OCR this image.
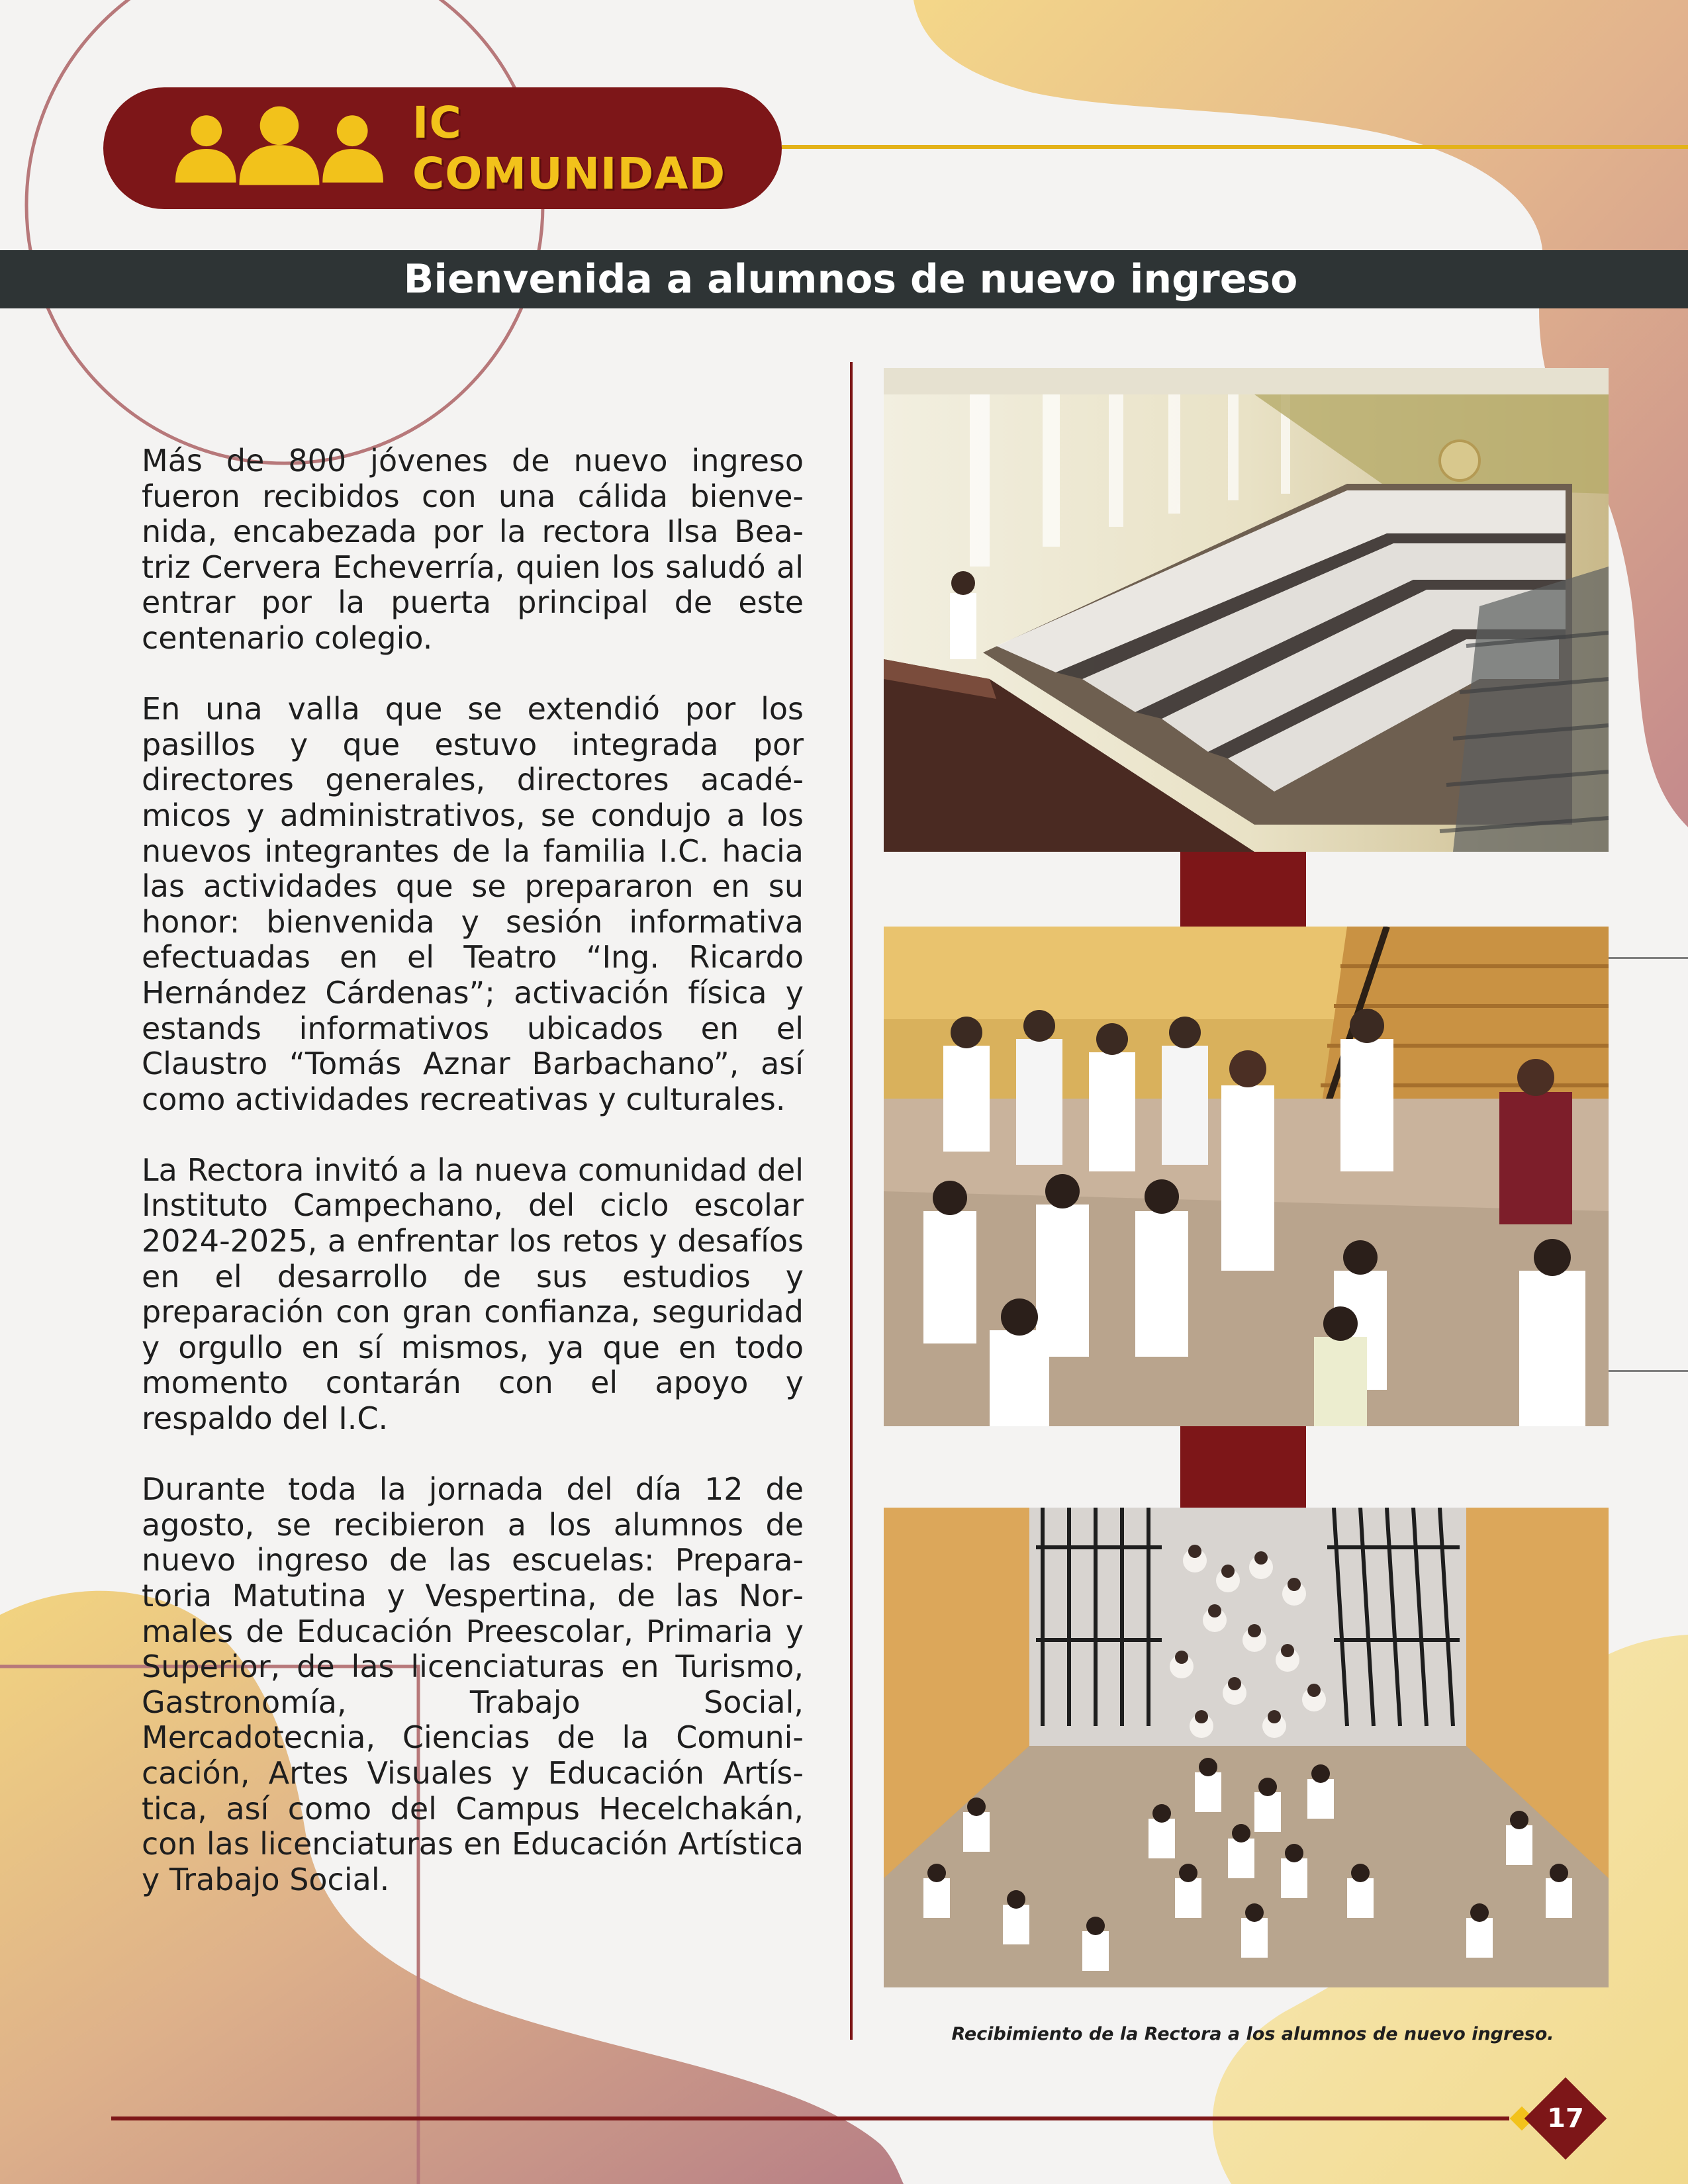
IC COMUNIDAD
Bienvenida a alumnos de nuevo ingreso

Más de 800 jóvenes de nuevo ingreso fueron recibidos con una cálida bienvenida, encabezada por la rectora Ilsa Beatriz Cervera Echeverría, quien los saludó al entrar por la puerta principal de este centenario colegio.

En una valla que se extendió por los pasillos y que estuvo integrada por directores generales, directores académicos y administrativos, se condujo a los nuevos integrantes de la familia I.C. hacia las actividades que se prepararon en su honor: bienvenida y sesión informativa efectuadas en el Teatro “Ing. Ricardo Hernández Cárdenas”; activación física y estands informativos ubicados en el Claustro “Tomás Aznar Barbachano”, así como actividades recreativas y culturales.

La Rectora invitó a la nueva comunidad del Instituto Campechano, del ciclo escolar 2024-2025, a enfrentar los retos y desafíos en el desarrollo de sus estudios y preparación con gran confianza, seguridad y orgullo en sí mismos, ya que en todo momento contarán con el apoyo y respaldo del I.C.

Durante toda la jornada del día 12 de agosto, se recibieron a los alumnos de nuevo ingreso de las escuelas: Preparatoria Matutina y Vespertina, de las Normales de Educación Preescolar, Primaria y Superior, de las licenciaturas en Turismo, Gastronomía, Trabajo Social, Mercadotecnia, Ciencias de la Comunicación, Artes Visuales y Educación Artística, así como del Campus Hecelchakán, con las licenciaturas en Educación Artística y Trabajo Social.

Recibimiento de la Rectora a los alumnos de nuevo ingreso.
17
